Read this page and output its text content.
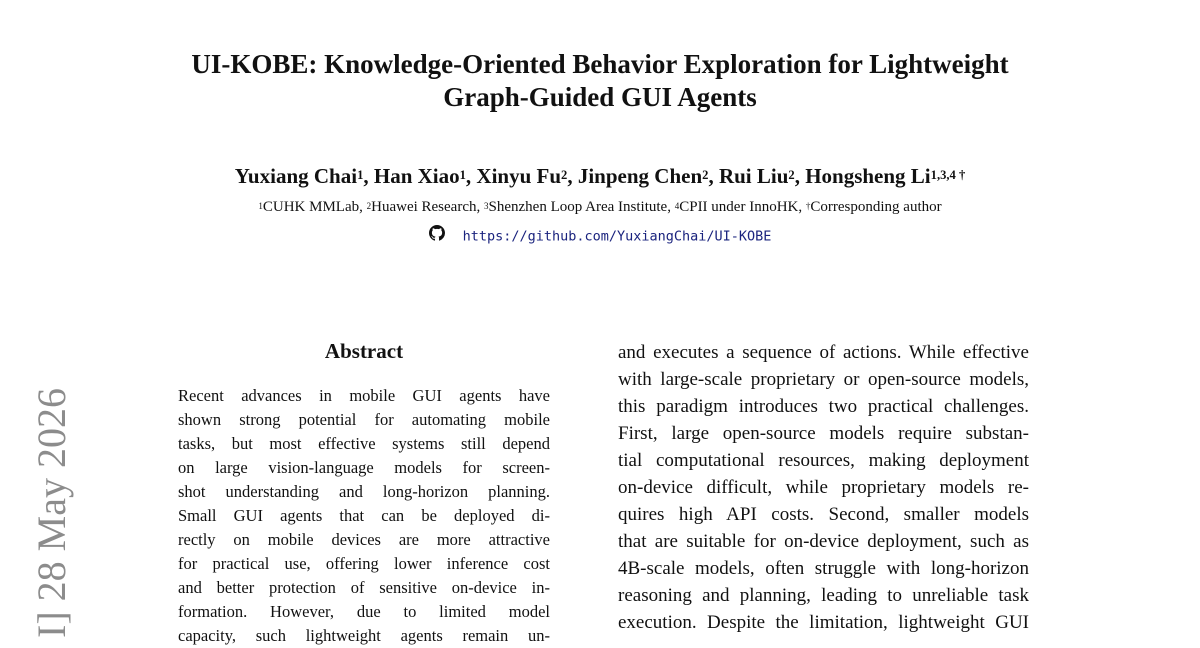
UI-KOBE: Knowledge-Oriented Behavior Exploration for Lightweight
Graph-Guided GUI Agents
Yuxiang Chai$^1$, Han Xiao$^1$, Xinyu Fu$^2$, Jinpeng Chen$^2$, Rui Liu$^2$, Hongsheng $Li^{1,3,4 \dagger}$
$^1$CUHK MMLab, $^2$Huawei Research, $^3$Shenzhen Loop Area Institute, $^4$CPII under InnoHK, †Corresponding author
https://github.com/YuxiangChai/UI-KOBE
I] 28 May 2026
Abstract
Recent advances in mobile GUI agents have
shown strong potential for automating mobile
tasks, but most effective systems still depend
on large vision-language models for screen-
shot understanding and long-horizon planning.
Small GUI agents that can be deployed di-
rectly on mobile devices are more attractive
for practical use, offering lower inference cost
and better protection of sensitive on-device in-
formation. However, due to limited model
capacity, such lightweight agents remain un-
and executes a sequence of actions. While effective
with large-scale proprietary or open-source models,
this paradigm introduces two practical challenges.
First, large open-source models require substan-
tial computational resources, making deployment
on-device difficult, while proprietary models re-
quires high API costs. Second, smaller models
that are suitable for on-device deployment, such as
4B-scale models, often struggle with long-horizon
reasoning and planning, leading to unreliable task
execution. Despite the limitation, lightweight GUI
